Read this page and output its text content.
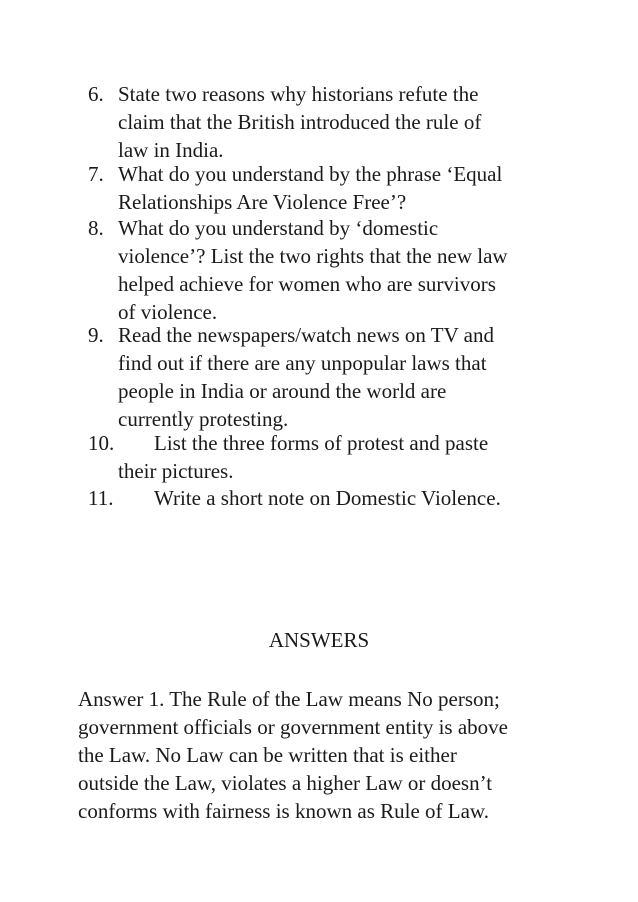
6. State two reasons why historians refute the
claim that the British introduced the rule of
law in India.
7. What do you understand by the phrase ‘Equal
Relationships Are Violence Free’?
8. What do you understand by ‘domestic
violence’? List the two rights that the new law
helped achieve for women who are survivors
of violence.
9. Read the newspapers/watch news on TV and
find out if there are any unpopular laws that
people in India or around the world are
currently protesting.
10. List the three forms of protest and paste
their pictures.
11. Write a short note on Domestic Violence.
ANSWERS
Answer 1. The Rule of the Law means No person;
government officials or government entity is above
the Law. No Law can be written that is either
outside the Law, violates a higher Law or doesn’t
conforms with fairness is known as Rule of Law.
